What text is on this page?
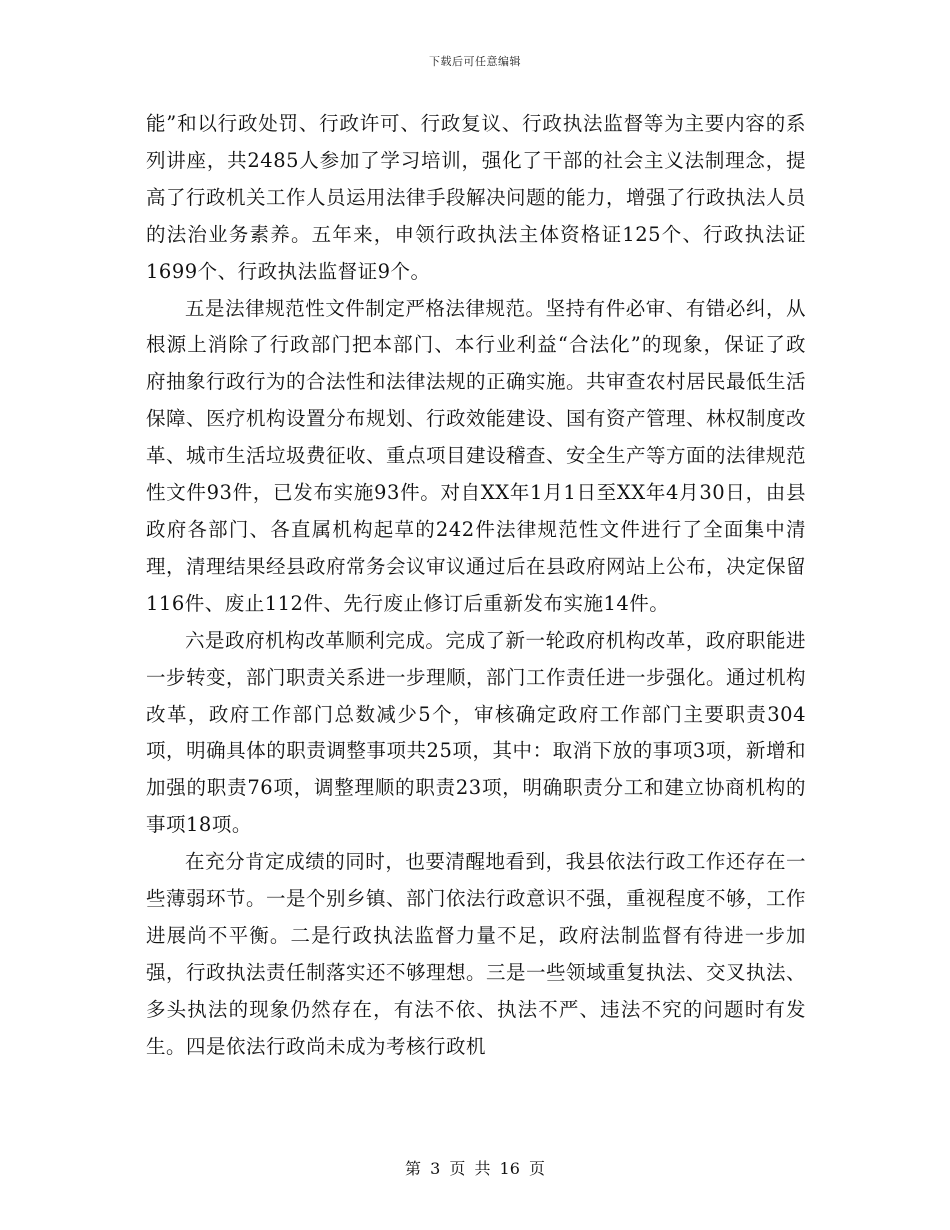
下载后可任意编辑

能”和以行政处罚、行政许可、行政复议、行政执法监督等为主要内容的系列讲座，共2485人参加了学习培训，强化了干部的社会主义法制理念，提高了行政机关工作人员运用法律手段解决问题的能力，增强了行政执法人员的法治业务素养。五年来，申领行政执法主体资格证125个、行政执法证1699个、行政执法监督证9个。

五是法律规范性文件制定严格法律规范。坚持有件必审、有错必纠，从根源上消除了行政部门把本部门、本行业利益“合法化”的现象，保证了政府抽象行政行为的合法性和法律法规的正确实施。共审查农村居民最低生活保障、医疗机构设置分布规划、行政效能建设、国有资产管理、林权制度改革、城市生活垃圾费征收、重点项目建设稽查、安全生产等方面的法律规范性文件93件，已发布实施93件。对自XX年1月1日至XX年4月30日，由县政府各部门、各直属机构起草的242件法律规范性文件进行了全面集中清理，清理结果经县政府常务会议审议通过后在县政府网站上公布，决定保留116件、废止112件、先行废止修订后重新发布实施14件。

六是政府机构改革顺利完成。完成了新一轮政府机构改革，政府职能进一步转变，部门职责关系进一步理顺，部门工作责任进一步强化。通过机构改革，政府工作部门总数减少5个，审核确定政府工作部门主要职责304项，明确具体的职责调整事项共25项，其中：取消下放的事项3项，新增和加强的职责76项，调整理顺的职责23项，明确职责分工和建立协商机构的事项18项。

在充分肯定成绩的同时，也要清醒地看到，我县依法行政工作还存在一些薄弱环节。一是个别乡镇、部门依法行政意识不强，重视程度不够，工作进展尚不平衡。二是行政执法监督力量不足，政府法制监督有待进一步加强，行政执法责任制落实还不够理想。三是一些领域重复执法、交叉执法、多头执法的现象仍然存在，有法不依、执法不严、违法不究的问题时有发生。四是依法行政尚未成为考核行政机

第 3 页 共 16 页
